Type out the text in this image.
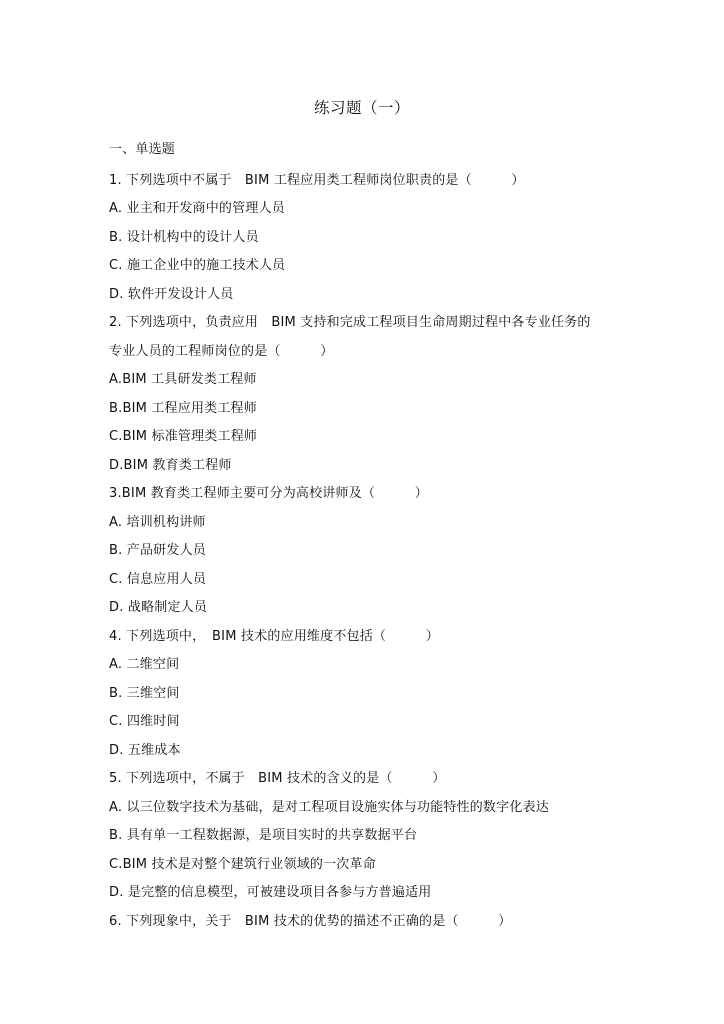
练习题（一）
一、单选题
1. 下列选项中不属于　BIM 工程应用类工程师岗位职责的是（　　　）
A. 业主和开发商中的管理人员
B. 设计机构中的设计人员
C. 施工企业中的施工技术人员
D. 软件开发设计人员
2. 下列选项中，负责应用　BIM 支持和完成工程项目生命周期过程中各专业任务的
专业人员的工程师岗位的是（　　　）
A.BIM 工具研发类工程师
B.BIM 工程应用类工程师
C.BIM 标准管理类工程师
D.BIM 教育类工程师
3.BIM 教育类工程师主要可分为高校讲师及（　　　）
A. 培训机构讲师
B. 产品研发人员
C. 信息应用人员
D. 战略制定人员
4. 下列选项中，　BIM 技术的应用维度不包括（　　　）
A. 二维空间
B. 三维空间
C. 四维时间
D. 五维成本
5. 下列选项中，不属于　BIM 技术的含义的是（　　　）
A. 以三位数字技术为基础，是对工程项目设施实体与功能特性的数字化表达
B. 具有单一工程数据源，是项目实时的共享数据平台
C.BIM 技术是对整个建筑行业领域的一次革命
D. 是完整的信息模型，可被建设项目各参与方普遍适用
6. 下列现象中，关于　BIM 技术的优势的描述不正确的是（　　　）
